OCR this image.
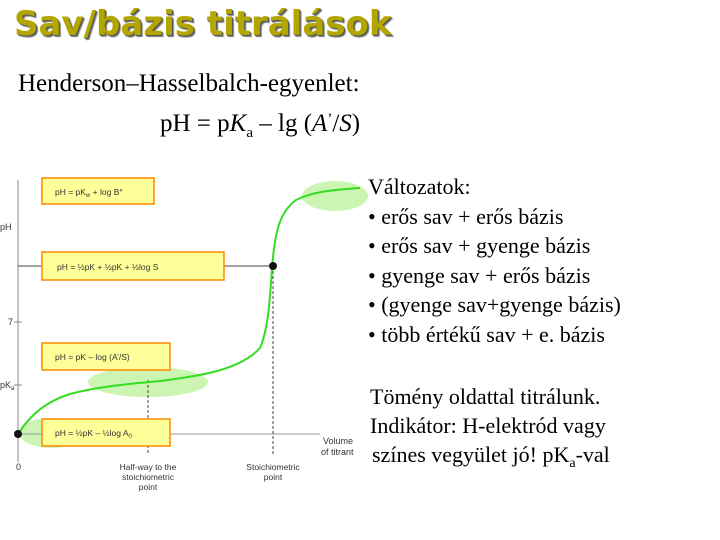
Sav/bázis titrálások
Henderson–Hasselbalch-egyenlet:
pH = $pK_a$ – lg (A’/S)
pH = $pK_w + \log B^\circ$
pH = ½pK + ½pK + ½log S
pH = pK – log (A’/S)
pH = ½pK – ½log $A_0$
pH
7
$pK_a$
0
Volume
of titrant
Half-way to the
stoichiometric
point
Stoichiometric
point
Változatok:
• erős sav + erős bázis
• erős sav + gyenge bázis
• gyenge sav + erős bázis
• (gyenge sav+gyenge bázis)
• több értékű sav + e. bázis
Tömény oldattal titrálunk.
Indikátor: H-elektród vagy
színes vegyület jó! $pK_a$-val
